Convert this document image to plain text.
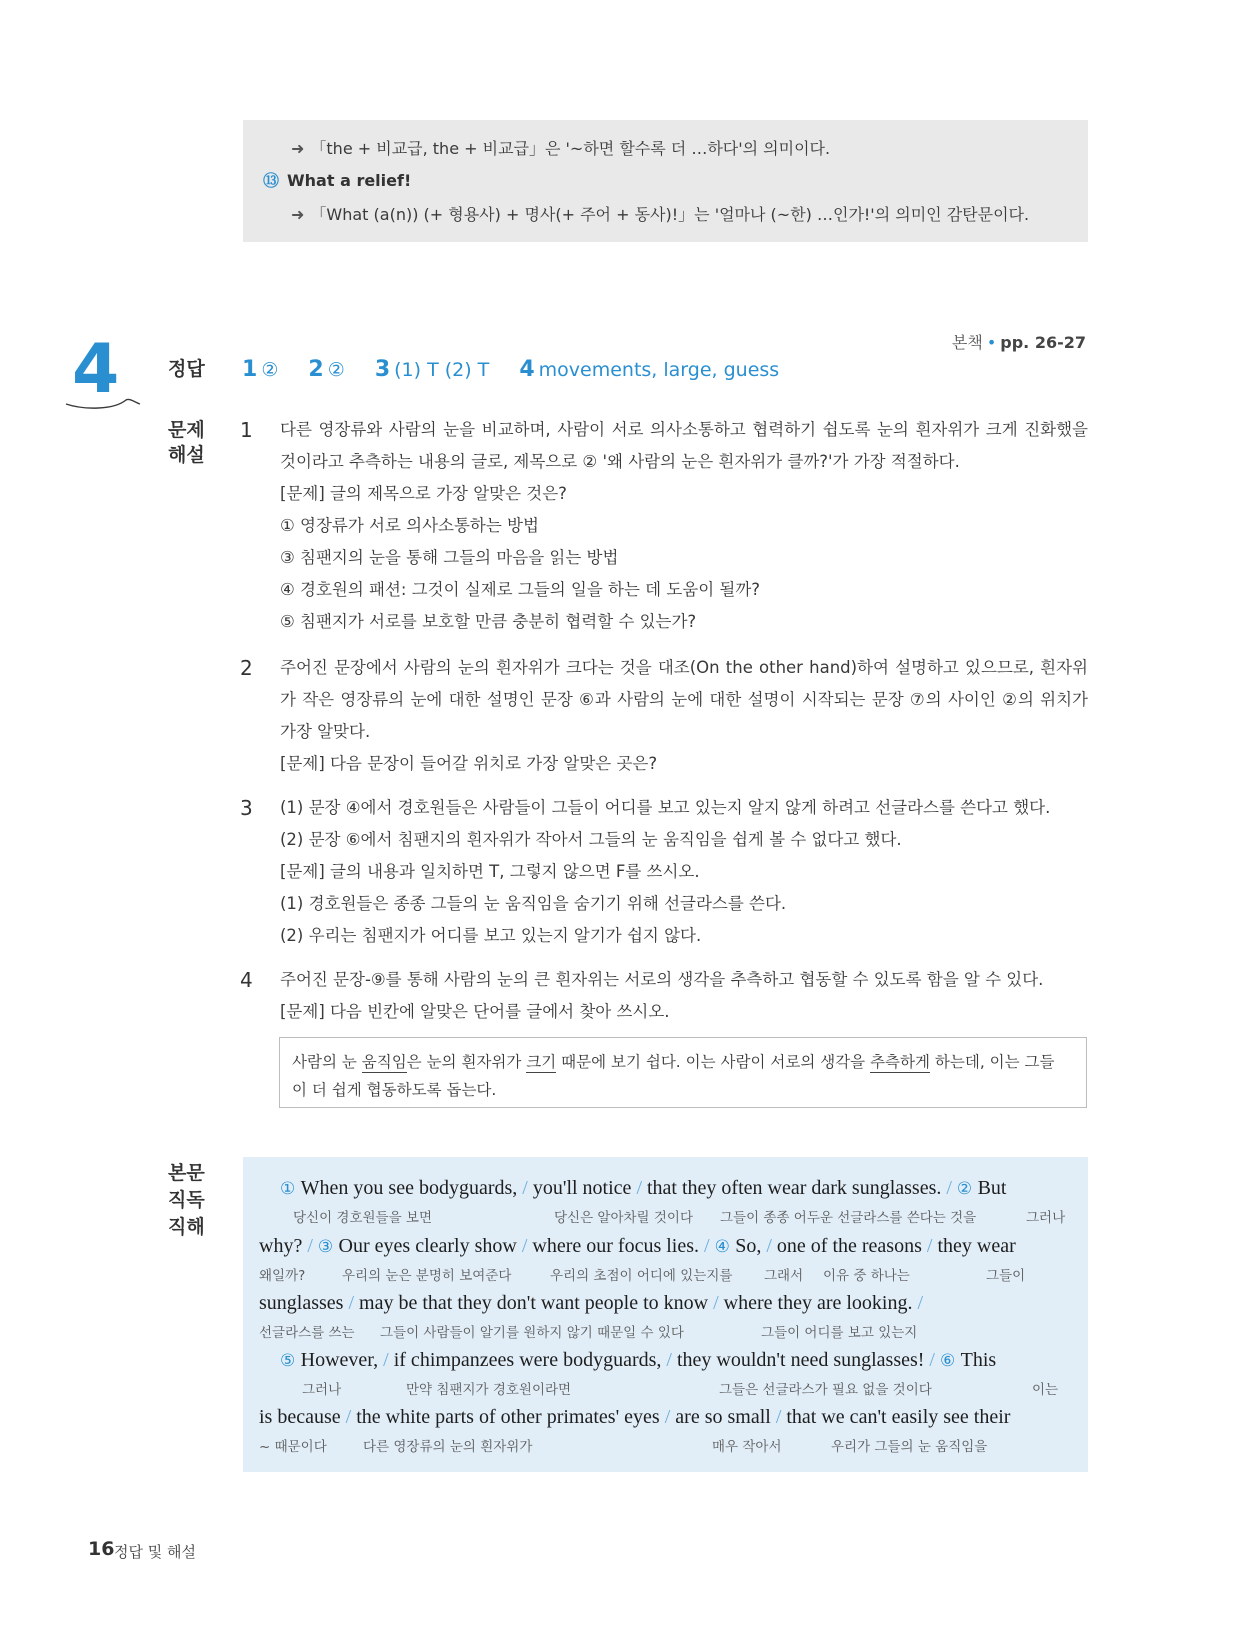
➜ 「the + 비교급, the + 비교급」은 '~하면 할수록 더 …하다'의 의미이다.
⑬ What a relief!
➜ 「What (a(n)) (+ 형용사) + 명사(+ 주어 + 동사)!」는 '얼마나 (~한) …인가!'의 의미인 감탄문이다.
4	본책 • pp. 26-27
정답 1 ② 2 ② 3 (1) T (2) T 4 movements, large, guess
문제
해설
1 다른 영장류와 사람의 눈을 비교하며, 사람이 서로 의사소통하고 협력하기 쉽도록 눈의 흰자위가 크게 진화했을
것이라고 추측하는 내용의 글로, 제목으로 ② '왜 사람의 눈은 흰자위가 클까?'가 가장 적절하다.
[문제] 글의 제목으로 가장 알맞은 것은?
① 영장류가 서로 의사소통하는 방법
③ 침팬지의 눈을 통해 그들의 마음을 읽는 방법
④ 경호원의 패션: 그것이 실제로 그들의 일을 하는 데 도움이 될까?
⑤ 침팬지가 서로를 보호할 만큼 충분히 협력할 수 있는가?
2 주어진 문장에서 사람의 눈의 흰자위가 크다는 것을 대조(On the other hand)하여 설명하고 있으므로, 흰자위
가 작은 영장류의 눈에 대한 설명인 문장 ⑥과 사람의 눈에 대한 설명이 시작되는 문장 ⑦의 사이인 ②의 위치가
가장 알맞다.
[문제] 다음 문장이 들어갈 위치로 가장 알맞은 곳은?
3 (1) 문장 ④에서 경호원들은 사람들이 그들이 어디를 보고 있는지 알지 않게 하려고 선글라스를 쓴다고 했다.
(2) 문장 ⑥에서 침팬지의 흰자위가 작아서 그들의 눈 움직임을 쉽게 볼 수 없다고 했다.
[문제] 글의 내용과 일치하면 T, 그렇지 않으면 F를 쓰시오.
(1) 경호원들은 종종 그들의 눈 움직임을 숨기기 위해 선글라스를 쓴다.
(2) 우리는 침팬지가 어디를 보고 있는지 알기가 쉽지 않다.
4 주어진 문장-⑨를 통해 사람의 눈의 큰 흰자위는 서로의 생각을 추측하고 협동할 수 있도록 함을 알 수 있다.
[문제] 다음 빈칸에 알맞은 단어를 글에서 찾아 쓰시오.
사람의 눈 움직임은 눈의 흰자위가 크기 때문에 보기 쉽다. 이는 사람이 서로의 생각을 추측하게 하는데, 이는 그들
이 더 쉽게 협동하도록 돕는다.
본문
직독
직해
① When you see bodyguards, / you'll notice / that they often wear dark sunglasses. / ② But
당신이 경호원들을 보면	당신은 알아차릴 것이다 그들이 종종 어두운 선글라스를 쓴다는 것을	그러나
why? / ③ Our eyes clearly show / where our focus lies. / ④ So, / one of the reasons / they wear
왜일까?	우리의 눈은 분명히 보여준다	우리의 초점이 어디에 있는지를 그래서 이유 중 하나는	그들이
sunglasses / may be that they don't want people to know / where they are looking. /
선글라스를 쓰는 그들이 사람들이 알기를 원하지 않기 때문일 수 있다	그들이 어디를 보고 있는지
⑤ However, / if chimpanzees were bodyguards, / they wouldn't need sunglasses! / ⑥ This
그러나	만약 침팬지가 경호원이라면	그들은 선글라스가 필요 없을 것이다	이는
is because / the white parts of other primates' eyes / are so small / that we can't easily see their
~ 때문이다	다른 영장류의 눈의 흰자위가	매우 작아서	우리가 그들의 눈 움직임을
16 정답 및 해설
